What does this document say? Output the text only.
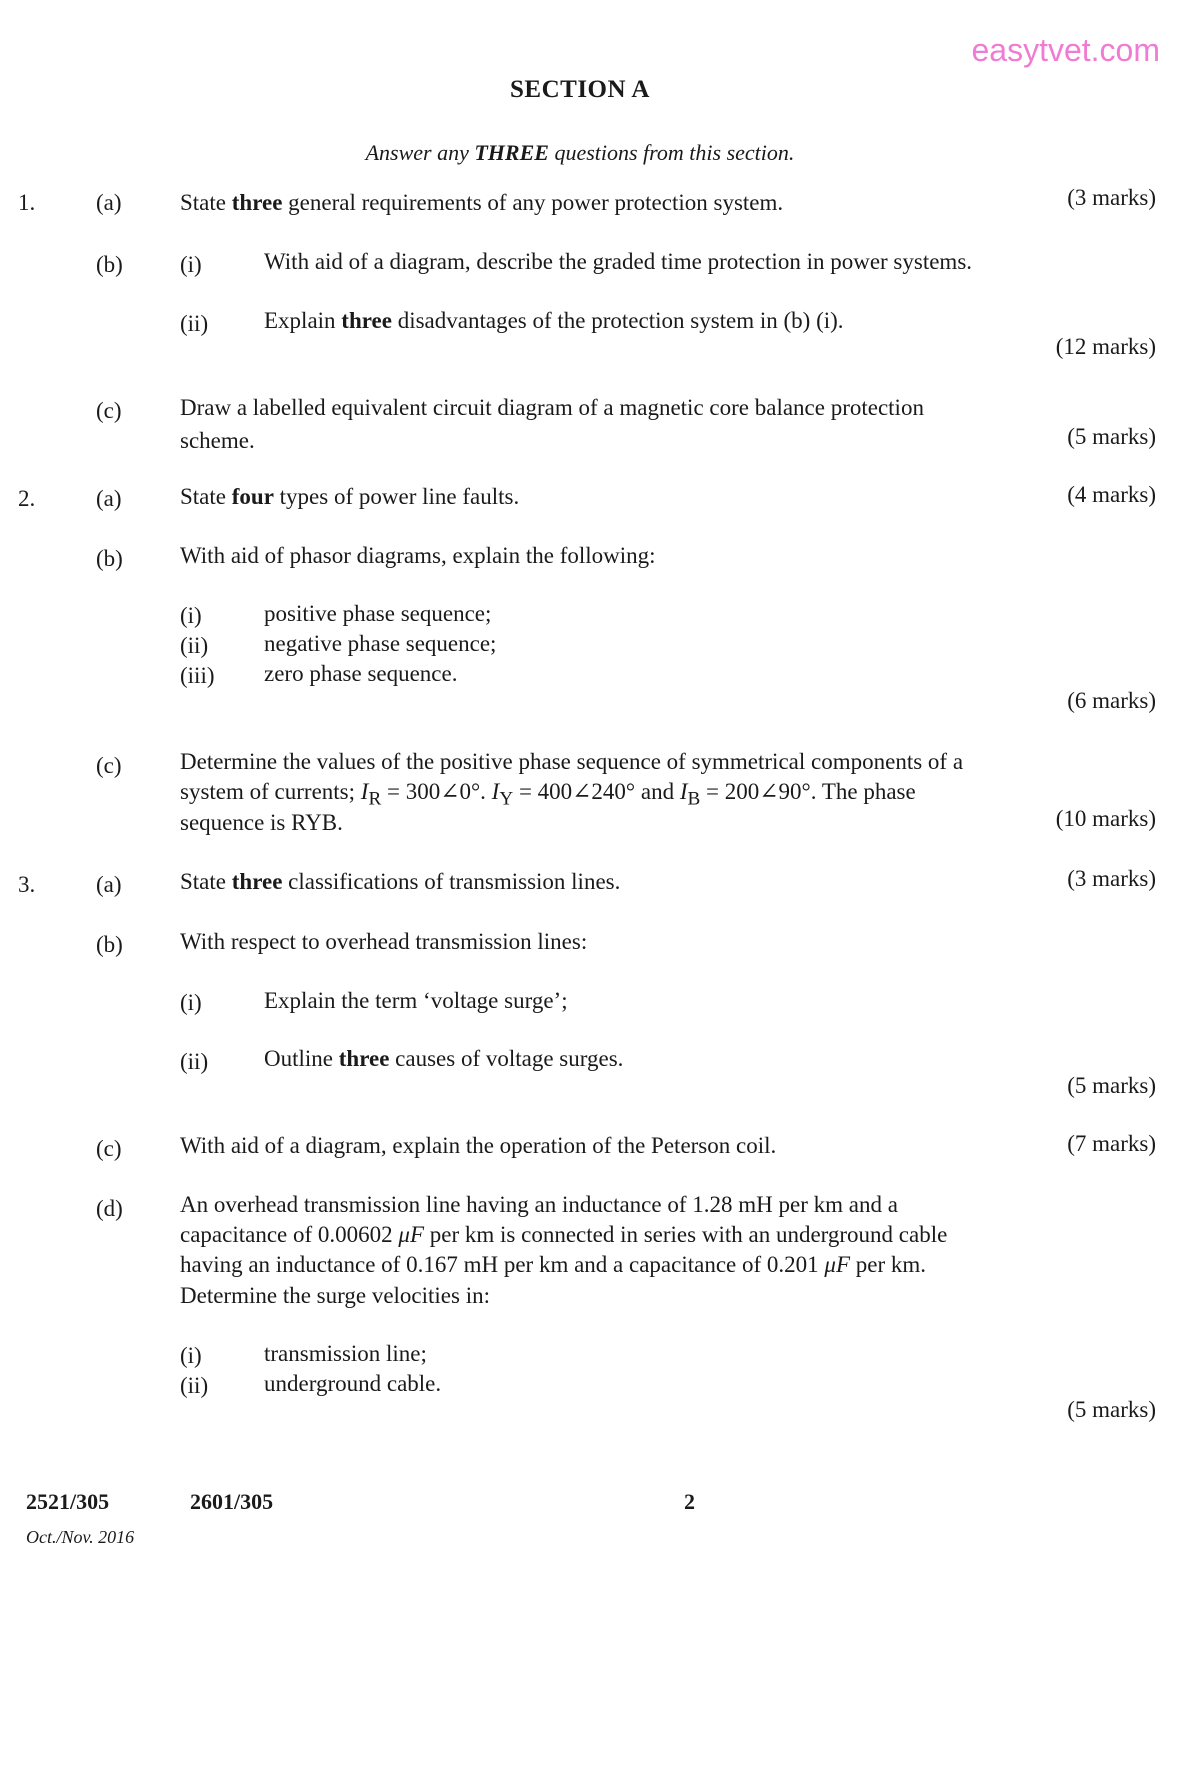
easytvet.com
SECTION A
Answer any THREE questions from this section.
1.	(a)	State three general requirements of any power protection system.	(3 marks)
(b) (i)	With aid of a diagram, describe the graded time protection in power systems.
(ii) Explain three disadvantages of the protection system in (b) (i).
(12 marks)
(c)	Draw a labelled equivalent circuit diagram of a magnetic core balance protection
scheme.	(5 marks)
2.	(a)	State four types of power line faults.	(4 marks)
(b) With aid of phasor diagrams, explain the following:
(i)	positive phase sequence;
(ii) negative phase sequence;
(iii) zero phase sequence.
(6 marks)
(c)	Determine the values of the positive phase sequence of symmetrical components of a
system of currents; $I_R$ = 300∠0°. $I_Y$ = 400∠240° and $I_B$ = 200∠90°. The phase
sequence is RYB.	(10 marks)
3.	(a)	State three classifications of transmission lines.	(3 marks)
(b) With respect to overhead transmission lines:
(i)	Explain the term ‘voltage surge’;
(ii) Outline three causes of voltage surges.
(5 marks)
(c)	With aid of a diagram, explain the operation of the Peterson coil.	(7 marks)
(d) An overhead transmission line having an inductance of 1.28 mH per km and a
capacitance of 0.00602 μF per km is connected in series with an underground cable
having an inductance of 0.167 mH per km and a capacitance of 0.201 μF per km.
Determine the surge velocities in:
(i)	transmission line;
(ii) underground cable.
(5 marks)
2521/305	2601/305	2
Oct./Nov. 2016
